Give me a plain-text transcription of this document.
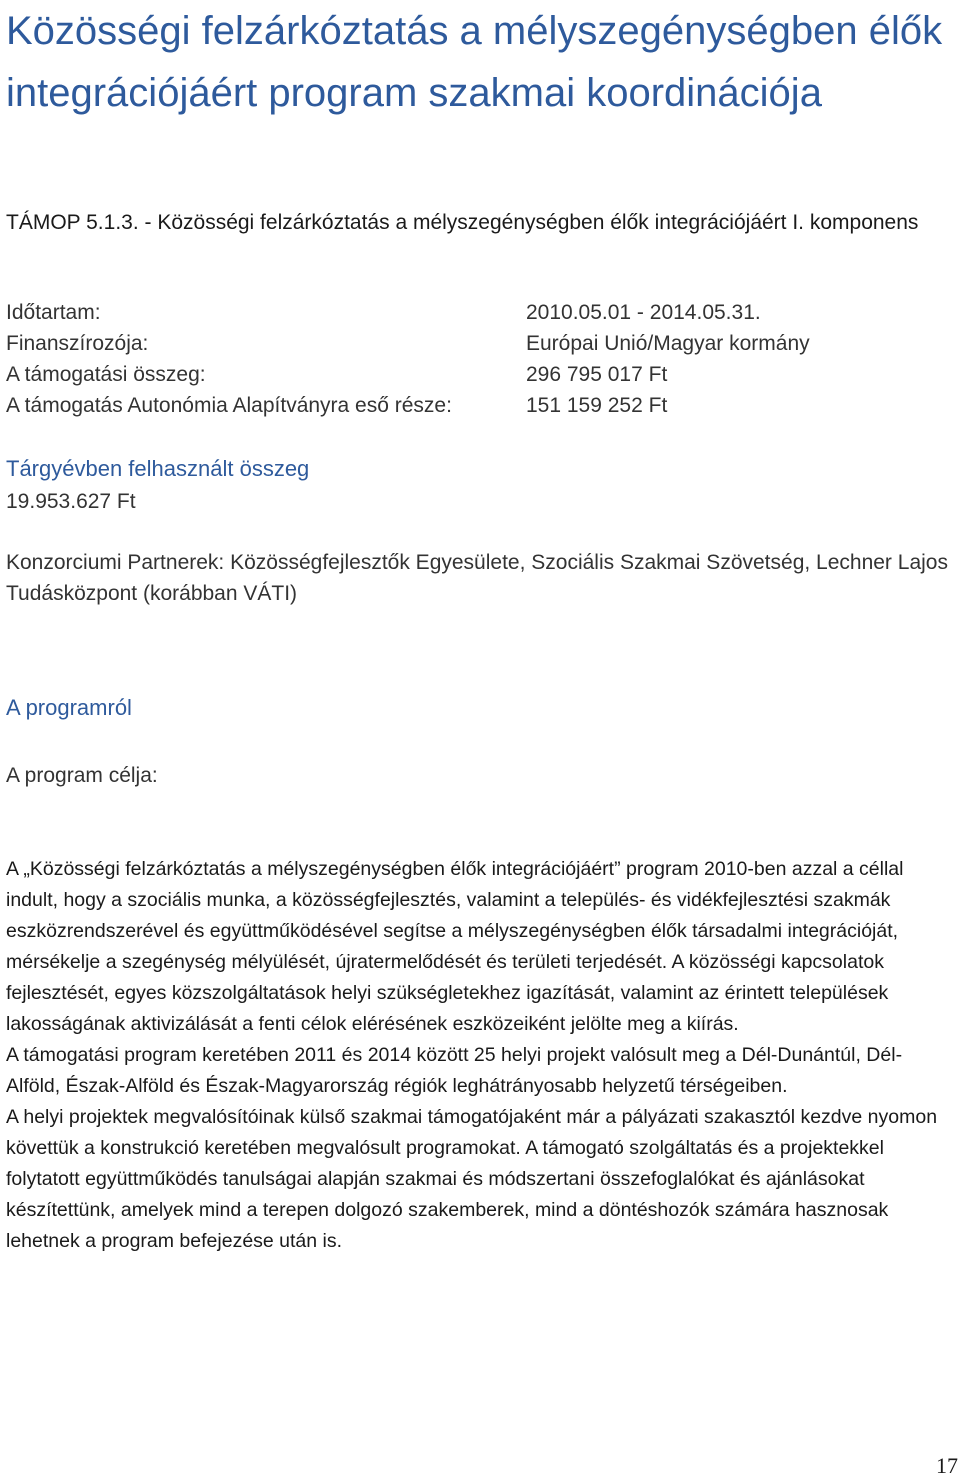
Közösségi felzárkóztatás a mélyszegénységben élők integrációjáért program szakmai koordinációja

TÁMOP 5.1.3. - Közösségi felzárkóztatás a mélyszegénységben élők integrációjáért I. komponens

Időtartam:	2010.05.01 - 2014.05.31.
Finanszírozója:	Európai Unió/Magyar kormány
A támogatási összeg:	296 795 017 Ft
A támogatás Autonómia Alapítványra eső része:	151 159 252 Ft
Tárgyévben felhasznált összeg

19.953.627 Ft

Konzorciumi Partnerek: Közösségfejlesztők Egyesülete, Szociális Szakmai Szövetség, Lechner Lajos Tudásközpont (korábban VÁTI)

A programról

A program célja:

A „Közösségi felzárkóztatás a mélyszegénységben élők integrációjáért” program 2010-ben azzal a céllal indult, hogy a szociális munka, a közösségfejlesztés, valamint a település- és vidékfejlesztési szakmák eszközrendszerével és együttműködésével segítse a mélyszegénységben élők társadalmi integrációját, mérsékelje a szegénység mélyülését, újratermelődését és területi terjedését. A közösségi kapcsolatok fejlesztését, egyes közszolgáltatások helyi szükségletekhez igazítását, valamint az érintett települések lakosságának aktivizálását a fenti célok elérésének eszközeiként jelölte meg a kiírás.

A támogatási program keretében 2011 és 2014 között 25 helyi projekt valósult meg a Dél-Dunántúl, Dél-Alföld, Észak-Alföld és Észak-Magyarország régiók leghátrányosabb helyzetű térségeiben.

A helyi projektek megvalósítóinak külső szakmai támogatójaként már a pályázati szakasztól kezdve nyomon követtük a konstrukció keretében megvalósult programokat. A támogató szolgáltatás és a projektekkel folytatott együttműködés tanulságai alapján szakmai és módszertani összefoglalókat és ajánlásokat készítettünk, amelyek mind a terepen dolgozó szakemberek, mind a döntéshozók számára hasznosak lehetnek a program befejezése után is.

17
